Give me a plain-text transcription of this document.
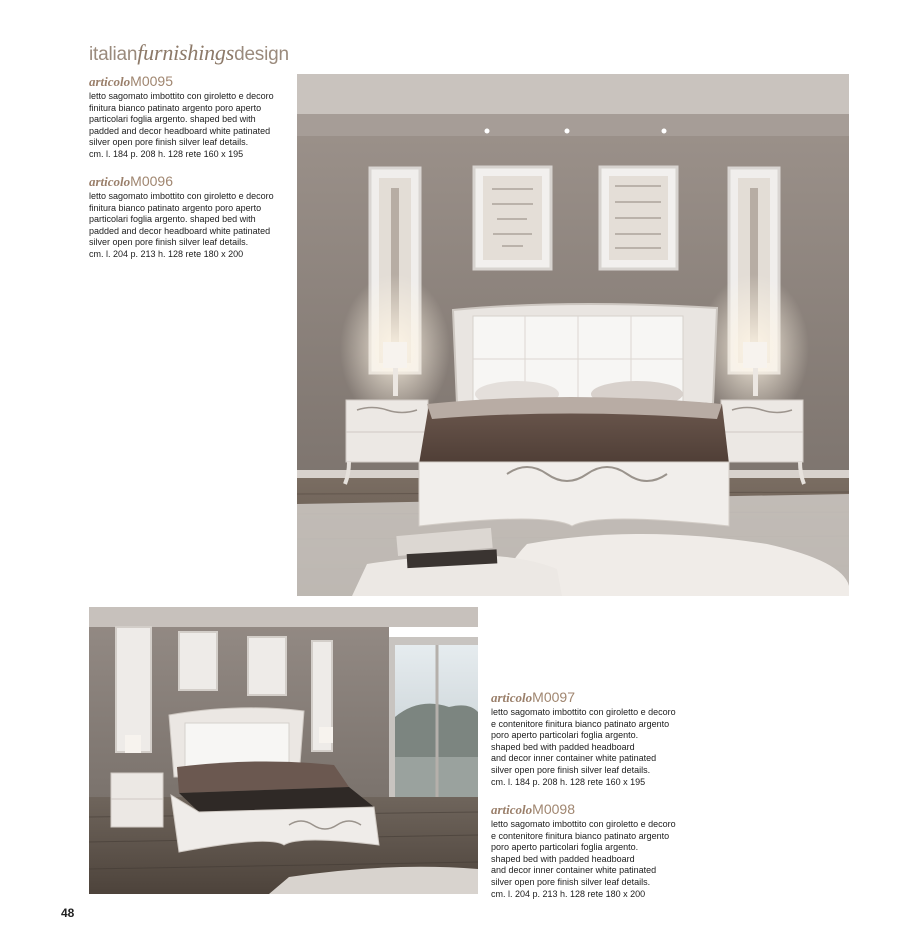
italianfurnishingsdesign
articoloM0095

letto sagomato imbottito con giroletto e decoro

finitura bianco patinato argento poro aperto

particolari foglia argento. shaped bed with

padded and decor headboard white patinated

silver open pore finish silver leaf details.

cm. l. 184 p. 208 h. 128 rete 160 x 195

articoloM0096

letto sagomato imbottito con giroletto e decoro

finitura bianco patinato argento poro aperto

particolari foglia argento. shaped bed with

padded and decor headboard white patinated

silver open pore finish silver leaf details.

cm. l. 204 p. 213 h. 128 rete 180 x 200

articoloM0097

letto sagomato imbottito con giroletto e decoro

e contenitore finitura bianco patinato argento

poro aperto particolari foglia argento.

shaped bed with padded headboard

and decor inner container white patinated

silver open pore finish silver leaf details.

cm. l. 184 p. 208 h. 128 rete 160 x 195

articoloM0098

letto sagomato imbottito con giroletto e decoro

e contenitore finitura bianco patinato argento

poro aperto particolari foglia argento.

shaped bed with padded headboard

and decor inner container white patinated

silver open pore finish silver leaf details.

cm. l. 204 p. 213 h. 128 rete 180 x 200

48
